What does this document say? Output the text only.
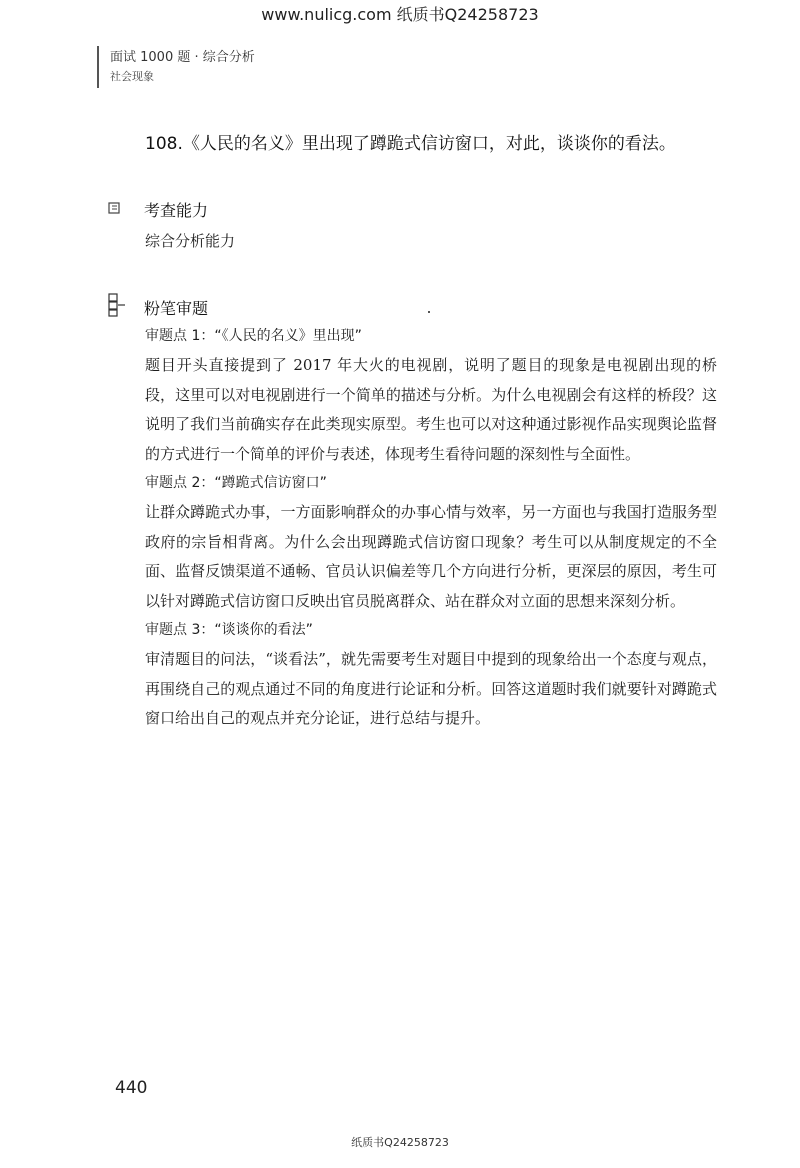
www.nulicg.com 纸质书Q24258723
面试 1000 题 · 综合分析
社会现象
108.《人民的名义》里出现了蹲跪式信访窗口，对此，谈谈你的看法。
考查能力
综合分析能力
粉笔审题

审题点 1：“《人民的名义》里出现”

题目开头直接提到了 2017 年大火的电视剧，说明了题目的现象是电视剧出现的桥段，这里可以对电视剧进行一个简单的描述与分析。为什么电视剧会有这样的桥段？这说明了我们当前确实存在此类现实原型。考生也可以对这种通过影视作品实现舆论监督的方式进行一个简单的评价与表述，体现考生看待问题的深刻性与全面性。

审题点 2：“蹲跪式信访窗口”

让群众蹲跪式办事，一方面影响群众的办事心情与效率，另一方面也与我国打造服务型政府的宗旨相背离。为什么会出现蹲跪式信访窗口现象？考生可以从制度规定的不全面、监督反馈渠道不通畅、官员认识偏差等几个方向进行分析，更深层的原因，考生可以针对蹲跪式信访窗口反映出官员脱离群众、站在群众对立面的思想来深刻分析。

审题点 3：“谈谈你的看法”

审清题目的问法，“谈看法”，就先需要考生对题目中提到的现象给出一个态度与观点，再围绕自己的观点通过不同的角度进行论证和分析。回答这道题时我们就要针对蹲跪式窗口给出自己的观点并充分论证，进行总结与提升。

440
纸质书Q24258723
